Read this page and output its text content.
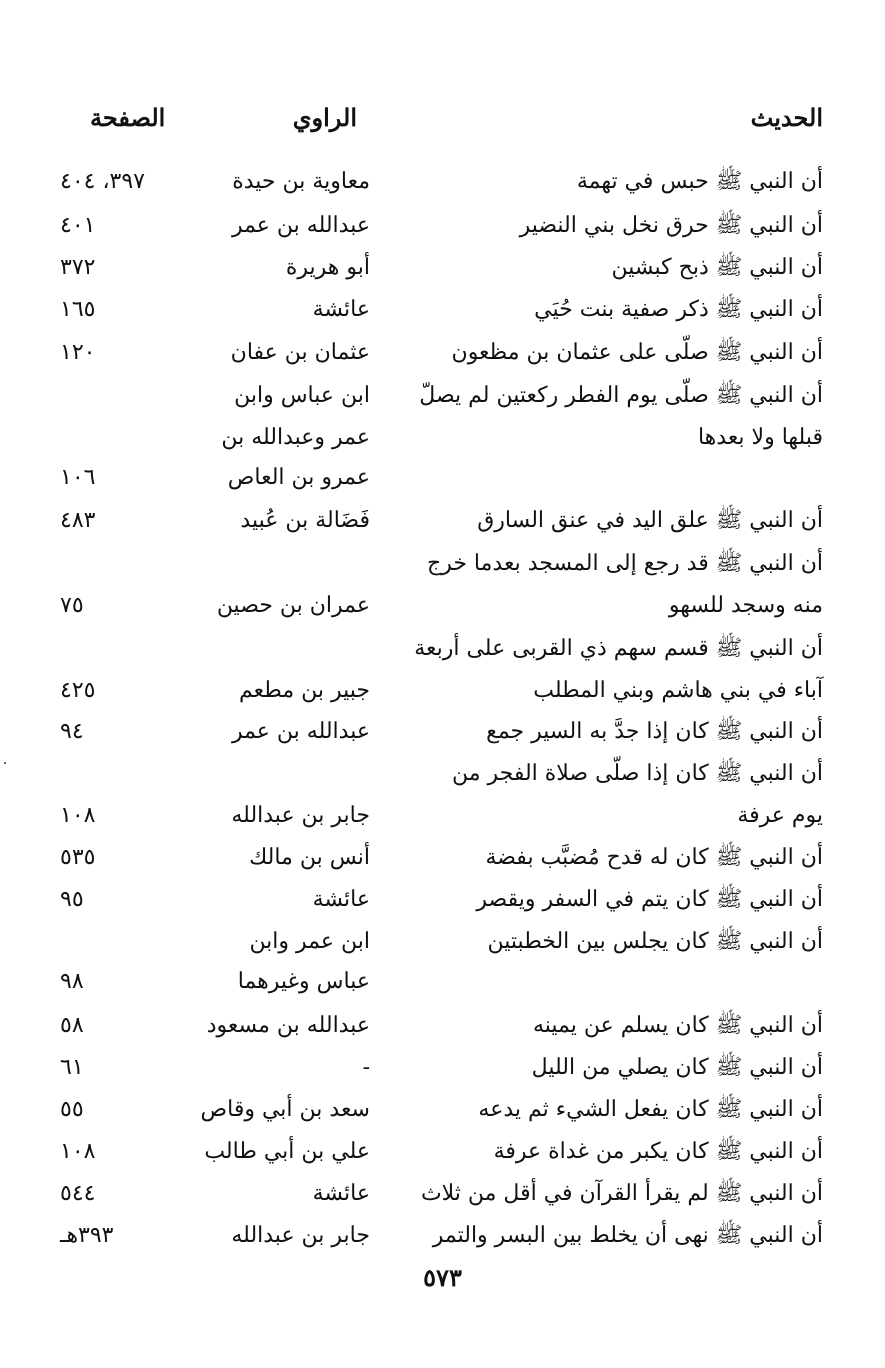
الحديث
الراوي
الصفحة
أن النبي ﷺ حبس في تهمة
معاوية بن حيدة
٣٩٧، ٤٠٤
أن النبي ﷺ حرق نخل بني النضير
عبدالله بن عمر
٤٠١
أن النبي ﷺ ذبح كبشين
أبو هريرة
٣٧٢
أن النبي ﷺ ذكر صفية بنت حُيَي
عائشة
١٦٥
أن النبي ﷺ صلّى على عثمان بن مظعون
عثمان بن عفان
١٢٠
أن النبي ﷺ صلّى يوم الفطر ركعتين لم يصلّ
ابن عباس وابن
قبلها ولا بعدها
عمر وعبدالله بن
عمرو بن العاص
١٠٦
أن النبي ﷺ علق اليد في عنق السارق
فَضَالة بن عُبيد
٤٨٣
أن النبي ﷺ قد رجع إلى المسجد بعدما خرج
منه وسجد للسهو
عمران بن حصين
٧٥
أن النبي ﷺ قسم سهم ذي القربى على أربعة
آباء في بني هاشم وبني المطلب
جبير بن مطعم
٤٢٥
أن النبي ﷺ كان إذا جدَّ به السير جمع
عبدالله بن عمر
٩٤
أن النبي ﷺ كان إذا صلّى صلاة الفجر من
يوم عرفة
جابر بن عبدالله
١٠٨
أن النبي ﷺ كان له قدح مُضبَّب بفضة
أنس بن مالك
٥٣٥
أن النبي ﷺ كان يتم في السفر ويقصر
عائشة
٩٥
أن النبي ﷺ كان يجلس بين الخطبتين
ابن عمر وابن
عباس وغيرهما
٩٨
أن النبي ﷺ كان يسلم عن يمينه
عبدالله بن مسعود
٥٨
أن النبي ﷺ كان يصلي من الليل
-
٦١
أن النبي ﷺ كان يفعل الشيء ثم يدعه
سعد بن أبي وقاص
٥٥
أن النبي ﷺ كان يكبر من غداة عرفة
علي بن أبي طالب
١٠٨
أن النبي ﷺ لم يقرأ القرآن في أقل من ثلاث
عائشة
٥٤٤
أن النبي ﷺ نهى أن يخلط بين البسر والتمر
جابر بن عبدالله
٣٩٣هـ
٥٧٣
